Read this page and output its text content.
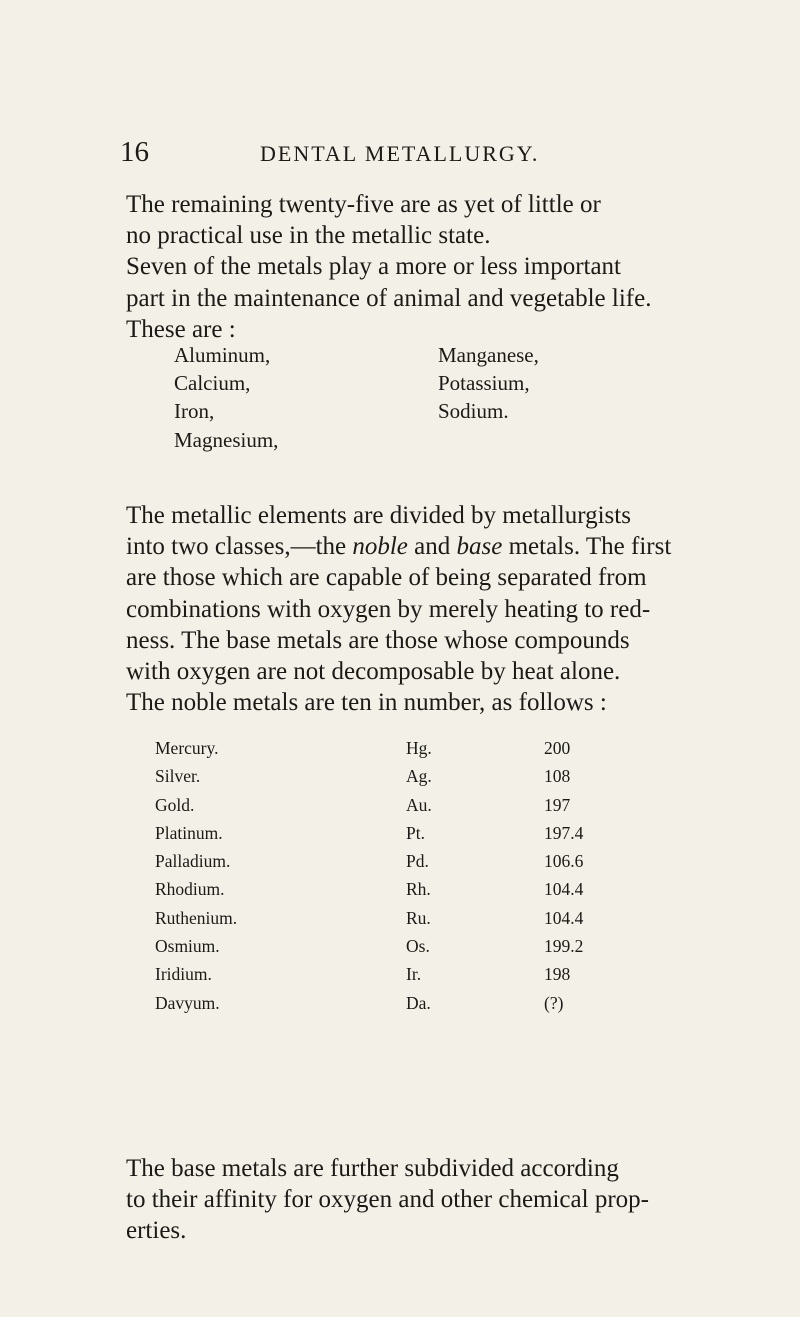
16	DENTAL METALLURGY.

The remaining twenty-five are as yet of little or

no practical use in the metallic state.

Seven of the metals play a more or less important

part in the maintenance of animal and vegetable life.

These are :

Aluminum,
Calcium,
Iron,
Magnesium,
Manganese,
Potassium,
Sodium.

The metallic elements are divided by metallurgists

into two classes,—the noble and base metals. The first

are those which are capable of being separated from

combinations with oxygen by merely heating to red-

ness. The base metals are those whose compounds

with oxygen are not decomposable by heat alone.

The noble metals are ten in number, as follows :

Mercury.	Hg.	200
Silver.	Ag.	108
Gold.	Au.	197
Platinum.	Pt.	197.4
Palladium.	Pd.	106.6
Rhodium.	Rh.	104.4
Ruthenium.	Ru.	104.4
Osmium.	Os.	199.2
Iridium.	Ir.	198
Davyum.	Da.	(?)

The base metals are further subdivided according

to their affinity for oxygen and other chemical prop-

erties.
